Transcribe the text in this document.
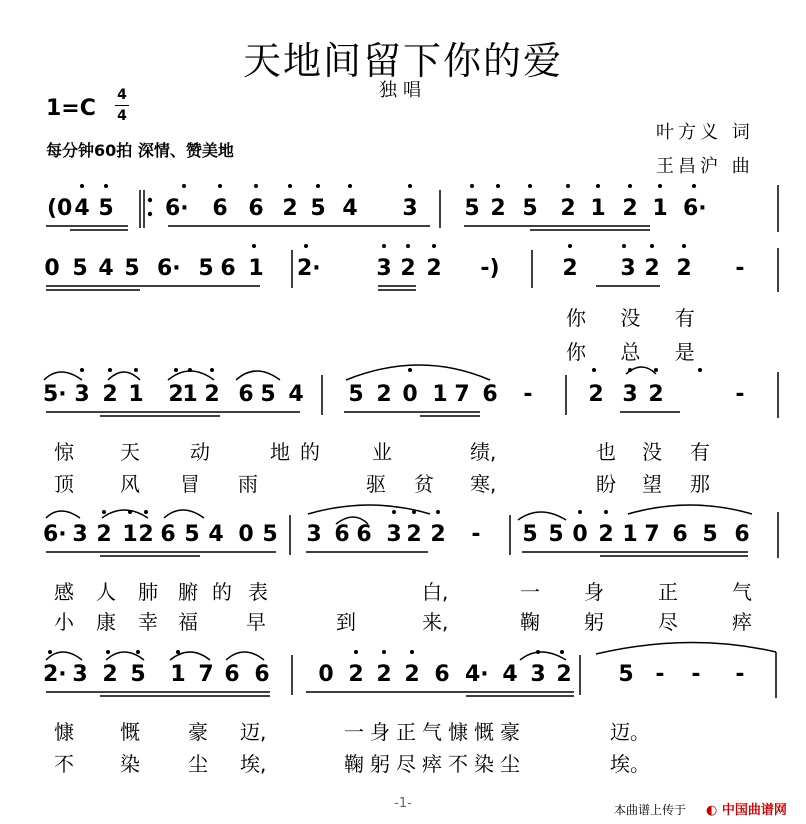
天地间留下你的爱
独唱
1=C
4
4
每分钟60拍 深情、赞美地
叶方义 词
王昌沪 曲
(0 4 5 6· 6 6 2 5 4 3 5 2 5 2 1 2 1 6·
0 5 4 5 6· 5 6 1 2·	3 2 2 -)	2 3 2 2 -
5· 3 2 1 2
1 2 6 5 4 5 2 0 1 7 6 -	2 3 2	-
6· 3 2 1 2 6 5 4 0 5 3 6 6 3 2 2 - 5 5 0 2 1 7 6 5 6
2· 3 2 5 1 7 6 6 0 2 2 2 6 4· 4 3 2 5 - - -
你 没 有
你 总 是
惊 天	动	地 的	业	绩,	也 没 有
顶 风 冒 雨	驱 贫 寒,	盼 望 那
感 人 肺 腑 的 表	白,	一 身	正	气
小 康 幸 福 早	到	来,	鞠 躬	尽	瘁
慷 慨 豪 迈,	一身正气慷慨豪	迈。
不 染 尘 埃,	鞠躬尽瘁不染尘	埃。
-1-	本曲谱上传于 ◐ 中国曲谱网
